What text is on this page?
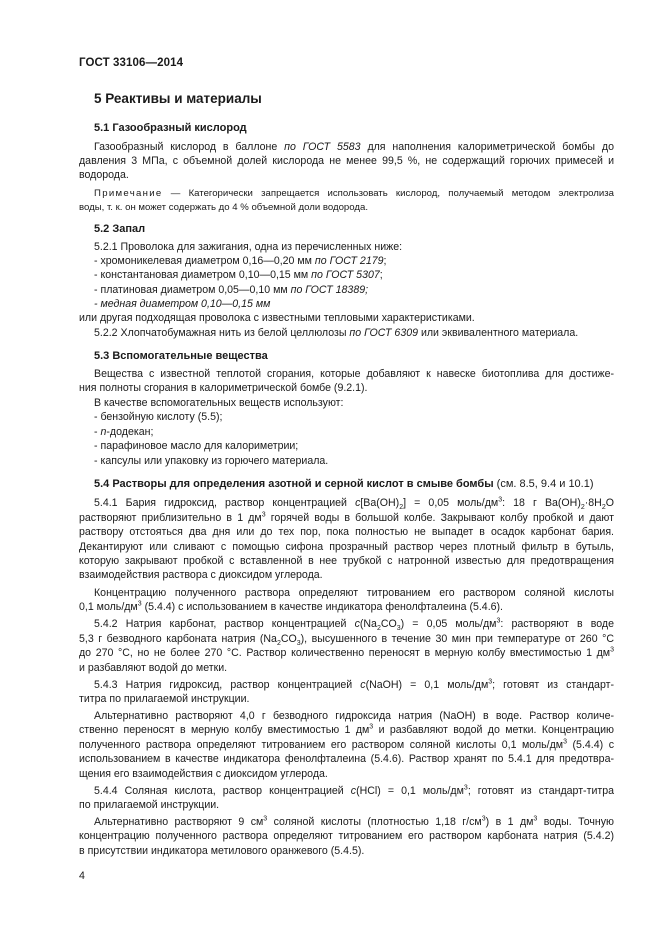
ГОСТ 33106—2014
5 Реактивы и материалы
5.1 Газообразный кислород
Газообразный кислород в баллоне по ГОСТ 5583 для наполнения калориметрической бомбы до
давления 3 МПа, с объемной долей кислорода не менее 99,5 %, не содержащий горючих примесей и
водорода.
Примечание — Категорически запрещается использовать кислород, получаемый методом электролиза
воды, т. к. он может содержать до 4 % объемной доли водорода.
5.2 Запал
5.2.1 Проволока для зажигания, одна из перечисленных ниже:
- хромоникелевая диаметром 0,16—0,20 мм по ГОСТ 2179;
- константановая диаметром 0,10—0,15 мм по ГОСТ 5307;
- платиновая диаметром 0,05—0,10 мм по ГОСТ 18389;
- медная диаметром 0,10—0,15 мм
или другая подходящая проволока с известными тепловыми характеристиками.
5.2.2 Хлопчатобумажная нить из белой целлюлозы по ГОСТ 6309 или эквивалентного материала.
5.3 Вспомогательные вещества
Вещества с известной теплотой сгорания, которые добавляют к навеске биотоплива для достиже-
ния полноты сгорания в калориметрической бомбе (9.2.1).
В качестве вспомогательных веществ используют:
- бензойную кислоту (5.5);
- n-додекан;
- парафиновое масло для калориметрии;
- капсулы или упаковку из горючего материала.
5.4 Растворы для определения азотной и серной кислот в смыве бомбы (см. 8.5, 9.4 и 10.1)
5.4.1 Бария гидроксид, раствор концентрацией $c[Ba(OH)_2] = 0,05$ моль/$дм^3$: 18 г $Ba(OH)_2\cdot 8H_2O$
растворяют приблизительно в 1 $дм^3$ горячей воды в большой колбе. Закрывают колбу пробкой и дают
раствору отстояться два дня или до тех пор, пока полностью не выпадет в осадок карбонат бария.
Декантируют или сливают с помощью сифона прозрачный раствор через плотный фильтр в бутыль,
которую закрывают пробкой с вставленной в нее трубкой с натронной известью для предотвращения
взаимодействия раствора с диоксидом углерода.
Концентрацию полученного раствора определяют титрованием его раствором соляной кислоты
0,1 моль/$дм^3$ (5.4.4) с использованием в качестве индикатора фенолфталеина (5.4.6).
5.4.2 Натрия карбонат, раствор концентрацией $c(Na_2CO_3) = 0,05$ моль/$дм^3$: растворяют в воде
5,3 г безводного карбоната натрия $(Na_2CO_3)$, высушенного в течение 30 мин при температуре от 260 °С
до 270 °С, но не более 270 °С. Раствор количественно переносят в мерную колбу вместимостью 1 $дм^3$
и разбавляют водой до метки.
5.4.3 Натрия гидроксид, раствор концентрацией c(NaOH) = 0,1 моль/$дм^3$; готовят из стандарт-
титра по прилагаемой инструкции.
Альтернативно растворяют 4,0 г безводного гидроксида натрия (NaOH) в воде. Раствор количе-
ственно переносят в мерную колбу вместимостью 1 $дм^3$ и разбавляют водой до метки. Концентрацию
полученного раствора определяют титрованием его раствором соляной кислоты 0,1 моль/$дм^3$ (5.4.4) с
использованием в качестве индикатора фенолфталеина (5.4.6). Раствор хранят по 5.4.1 для предотвра-
щения его взаимодействия с диоксидом углерода.
5.4.4 Соляная кислота, раствор концентрацией c(HCl) = 0,1 моль/$дм^3$; готовят из стандарт-титра
по прилагаемой инструкции.
Альтернативно растворяют 9 $см^3$ соляной кислоты (плотностью 1,18 $г/см^3$) в 1 $дм^3$ воды. Точную
концентрацию полученного раствора определяют титрованием его раствором карбоната натрия (5.4.2)
в присутствии индикатора метилового оранжевого (5.4.5).
4
